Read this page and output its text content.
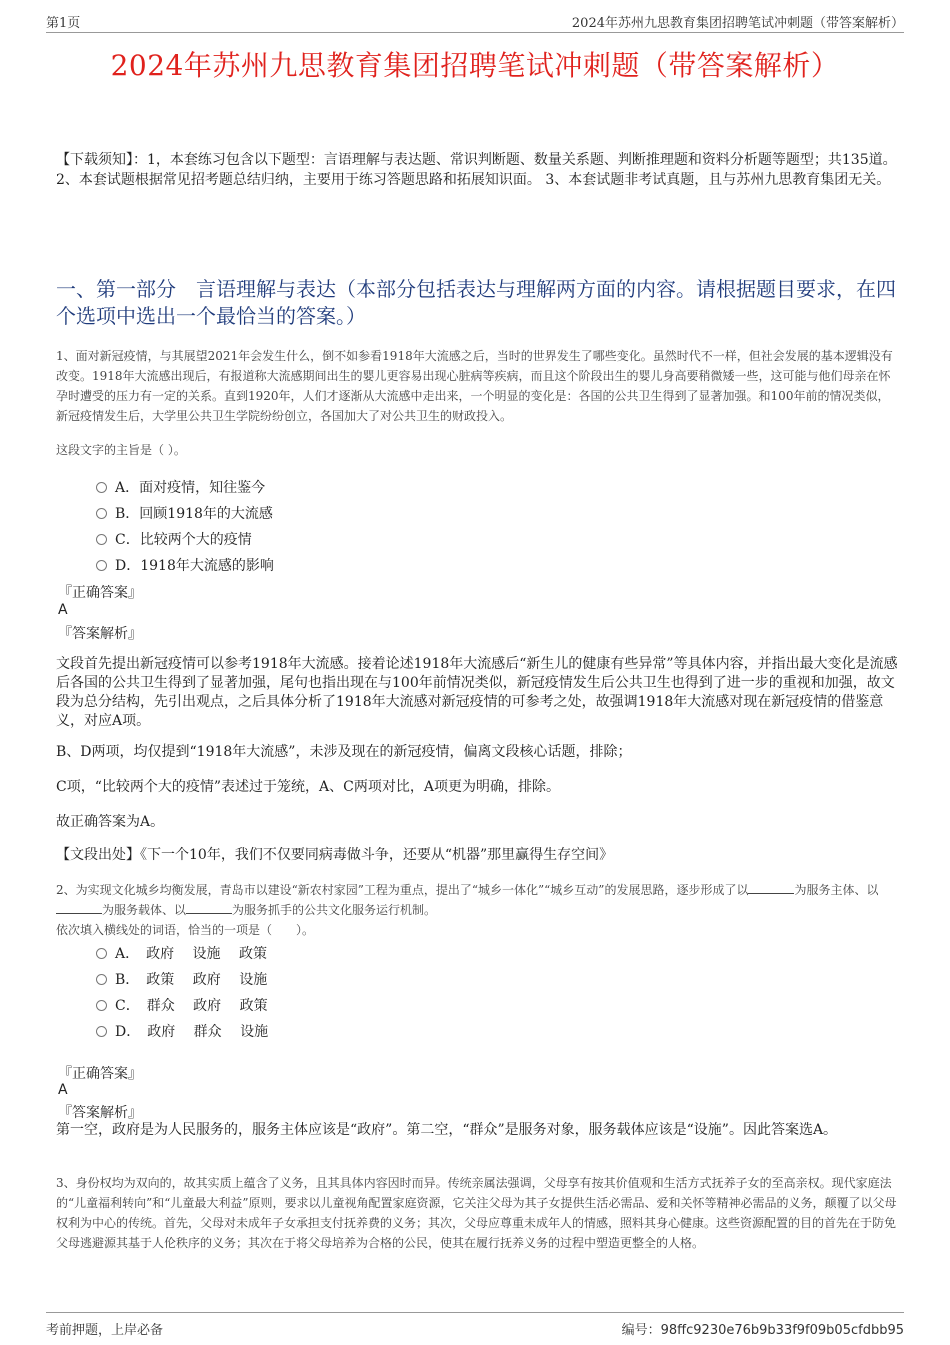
第1页	2024年苏州九思教育集团招聘笔试冲刺题（带答案解析）
2024年苏州九思教育集团招聘笔试冲刺题（带答案解析）
【下载须知】：1，本套练习包含以下题型：言语理解与表达题、常识判断题、数量关系题、判断推理题和资料分析题等题型；共135道。 2、本套试题根据常见招考题总结归纳，主要用于练习答题思路和拓展知识面。 3、本套试题非考试真题，且与苏州九思教育集团无关。
一、第一部分　言语理解与表达（本部分包括表达与理解两方面的内容。请根据题目要求，在四个选项中选出一个最恰当的答案。）
1、面对新冠疫情，与其展望2021年会发生什么，倒不如参看1918年大流感之后，当时的世界发生了哪些变化。虽然时代不一样，但社会发展的基本逻辑没有改变。1918年大流感出现后，有报道称大流感期间出生的婴儿更容易出现心脏病等疾病，而且这个阶段出生的婴儿身高要稍微矮一些，这可能与他们母亲在怀孕时遭受的压力有一定的关系。直到1920年，人们才逐渐从大流感中走出来，一个明显的变化是：各国的公共卫生得到了显著加强。和100年前的情况类似，新冠疫情发生后，大学里公共卫生学院纷纷创立，各国加大了对公共卫生的财政投入。
这段文字的主旨是（ ）。
A．面对疫情，知往鉴今
B．回顾1918年的大流感
C．比较两个大的疫情
D．1918年大流感的影响
『正确答案』
A
『答案解析』
文段首先提出新冠疫情可以参考1918年大流感。接着论述1918年大流感后“新生儿的健康有些异常”等具体内容，并指出最大变化是流感后各国的公共卫生得到了显著加强，尾句也指出现在与100年前情况类似，新冠疫情发生后公共卫生也得到了进一步的重视和加强，故文段为总分结构，先引出观点，之后具体分析了1918年大流感对新冠疫情的可参考之处，故强调1918年大流感对现在新冠疫情的借鉴意义，对应A项。
B、D两项，均仅提到“1918年大流感”，未涉及现在的新冠疫情，偏离文段核心话题，排除；
C项，“比较两个大的疫情”表述过于笼统，A、C两项对比，A项更为明确，排除。
故正确答案为A。
【文段出处】《下一个10年，我们不仅要同病毒做斗争，还要从“机器”那里赢得生存空间》
2、为实现文化城乡均衡发展，青岛市以建设“新农村家园”工程为重点，提出了“城乡一体化”“城乡互动”的发展思路，逐步形成了以	为服务主体、以为服务载体、以	为服务抓手的公共文化服务运行机制。
依次填入横线处的词语，恰当的一项是（　　）。
A．　政府　 设施　 政策
B．　政策　 政府　 设施
C．　群众　 政府　 政策
D．　政府　 群众　 设施
『正确答案』
A
『答案解析』
第一空，政府是为人民服务的，服务主体应该是“政府”。第二空，“群众”是服务对象，服务载体应该是“设施”。因此答案选A。
3、身份权均为双向的，故其实质上蕴含了义务，且其具体内容因时而异。传统亲属法强调，父母享有按其价值观和生活方式抚养子女的至高亲权。现代家庭法的“儿童福利转向”和“儿童最大利益”原则，要求以儿童视角配置家庭资源，它关注父母为其子女提供生活必需品、爱和关怀等精神必需品的义务，颠覆了以父母权利为中心的传统。首先，父母对未成年子女承担支付抚养费的义务；其次，父母应尊重未成年人的情感，照料其身心健康。这些资源配置的目的首先在于防免父母逃避源其基于人伦秩序的义务；其次在于将父母培养为合格的公民，使其在履行抚养义务的过程中塑造更整全的人格。
考前押题，上岸必备	编号：98ffc9230e76b9b33f9f09b05cfdbb95
